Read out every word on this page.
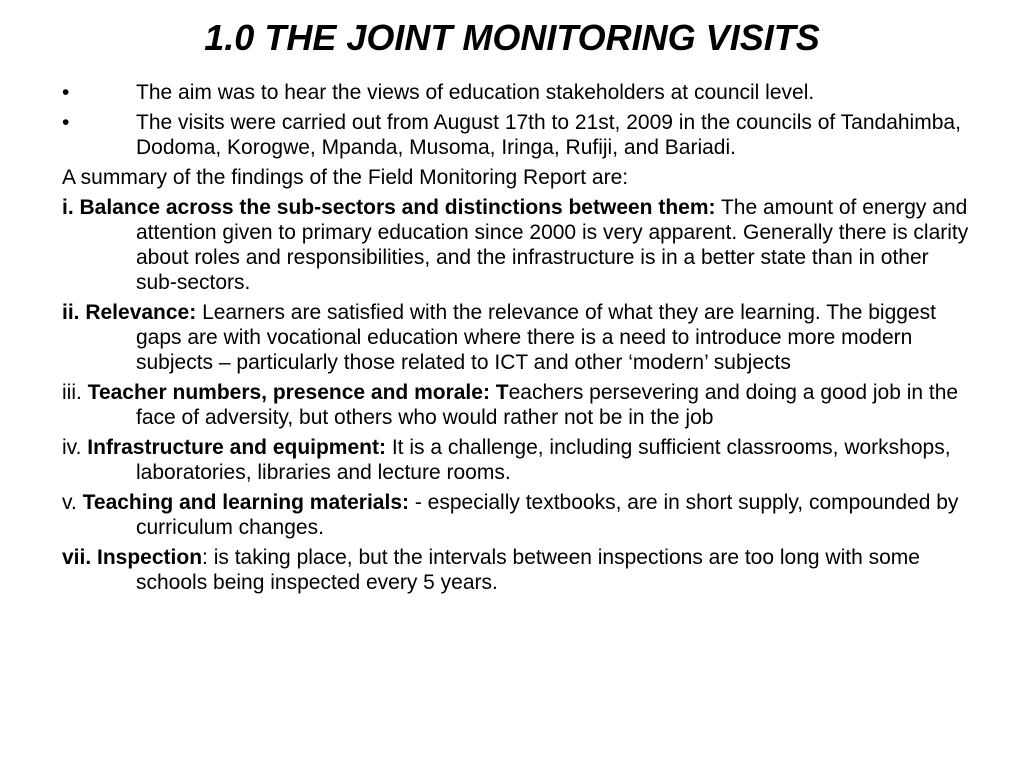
1.0 THE JOINT MONITORING VISITS
•	The aim was to hear the views of education stakeholders at council level.
•	The visits were carried out from August 17th to 21st, 2009 in the councils of Tandahimba, Dodoma, Korogwe, Mpanda, Musoma, Iringa, Rufiji, and Bariadi.
A summary of the findings of the Field Monitoring Report are:
i. Balance across the sub-sectors and distinctions between them: The amount of energy and attention given to primary education since 2000 is very apparent. Generally there is clarity about roles and responsibilities, and the infrastructure is in a better state than in other sub-sectors.
ii. Relevance: Learners are satisfied with the relevance of what they are learning. The biggest gaps are with vocational education where there is a need to introduce more modern subjects – particularly those related to ICT and other ‘modern’ subjects
iii. Teacher numbers, presence and morale: Teachers persevering and doing a good job in the face of adversity, but others who would rather not be in the job
iv. Infrastructure and equipment: It is a challenge, including sufficient classrooms, workshops, laboratories, libraries and lecture rooms.
v. Teaching and learning materials: - especially textbooks, are in short supply, compounded by curriculum changes.
vii. Inspection: is taking place, but the intervals between inspections are too long with some schools being inspected every 5 years.
